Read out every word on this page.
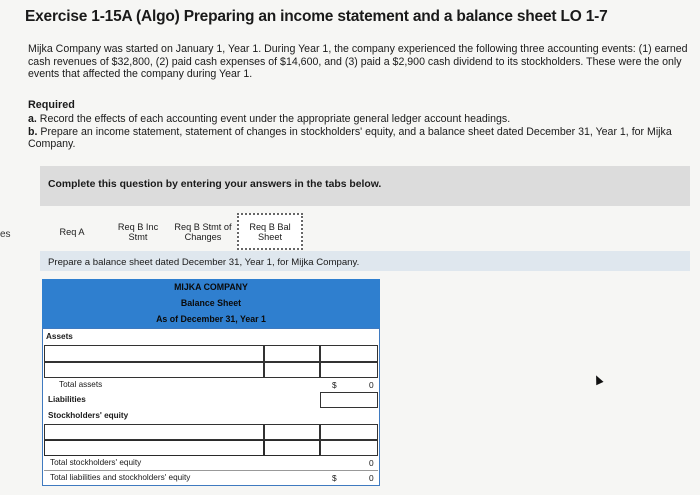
es
Exercise 1-15A (Algo) Preparing an income statement and a balance sheet LO 1-7
Mijka Company was started on January 1, Year 1. During Year 1, the company experienced the following three accounting events: (1) earned cash revenues of $32,800, (2) paid cash expenses of $14,600, and (3) paid a $2,900 cash dividend to its stockholders. These were the only events that affected the company during Year 1.
Required
a. Record the effects of each accounting event under the appropriate general ledger account headings.
b. Prepare an income statement, statement of changes in stockholders' equity, and a balance sheet dated December 31, Year 1, for Mijka Company.
Complete this question by entering your answers in the tabs below.
Req A	Req B Inc
Stmt
Req B Stmt of
Changes
Req B Bal
Sheet
Prepare a balance sheet dated December 31, Year 1, for Mijka Company.
MIJKA COMPANY
Balance Sheet
As of December 31, Year 1
Assets
Total assets	$	0
Liabilities
Stockholders' equity
Total stockholders' equity	0
Total liabilities and stockholders' equity	$	0
